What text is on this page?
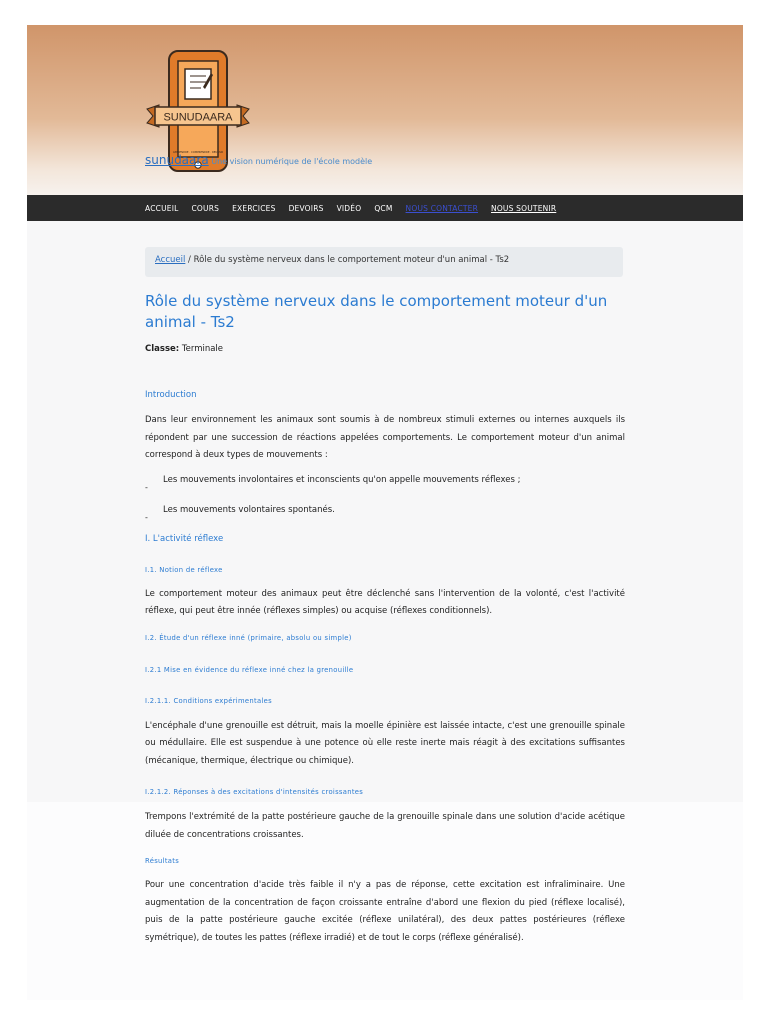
SUNUDAARA
APPRENDRE · COMPRENDRE · REUSSIR
sunudaara Une vision numérique de l'école modèle
ACCUEIL COURS EXERCICES DEVOIRS VIDÉO QCM NOUS CONTACTER NOUS SOUTENIR
Accueil / Rôle du système nerveux dans le comportement moteur d'un animal - Ts2
Rôle du système nerveux dans le comportement moteur d'un animal - Ts2
Classe: Terminale
Introduction
Dans leur environnement les animaux sont soumis à de nombreux stimuli externes ou internes auxquels ils répondent par une succession de réactions appelées comportements. Le comportement moteur d'un animal correspond à deux types de mouvements :
-
Les mouvements involontaires et inconscients qu'on appelle mouvements réflexes ;
-
Les mouvements volontaires spontanés.
I. L'activité réflexe
I.1. Notion de réflexe
Le comportement moteur des animaux peut être déclenché sans l'intervention de la volonté, c'est l'activité réflexe, qui peut être innée (réflexes simples) ou acquise (réflexes conditionnels).
I.2. Étude d'un réflexe inné (primaire, absolu ou simple)
I.2.1 Mise en évidence du réflexe inné chez la grenouille
I.2.1.1. Conditions expérimentales
L'encéphale d'une grenouille est détruit, mais la moelle épinière est laissée intacte, c'est une grenouille spinale ou médullaire. Elle est suspendue à une potence où elle reste inerte mais réagit à des excitations suffisantes (mécanique, thermique, électrique ou chimique).
I.2.1.2. Réponses à des excitations d'intensités croissantes
Trempons l'extrémité de la patte postérieure gauche de la grenouille spinale dans une solution d'acide acétique diluée de concentrations croissantes.
Résultats
Pour une concentration d'acide très faible il n'y a pas de réponse, cette excitation est infraliminaire. Une augmentation de la concentration de façon croissante entraîne d'abord une flexion du pied (réflexe localisé), puis de la patte postérieure gauche excitée (réflexe unilatéral), des deux pattes postérieures (réflexe symétrique), de toutes les pattes (réflexe irradié) et de tout le corps (réflexe généralisé).
